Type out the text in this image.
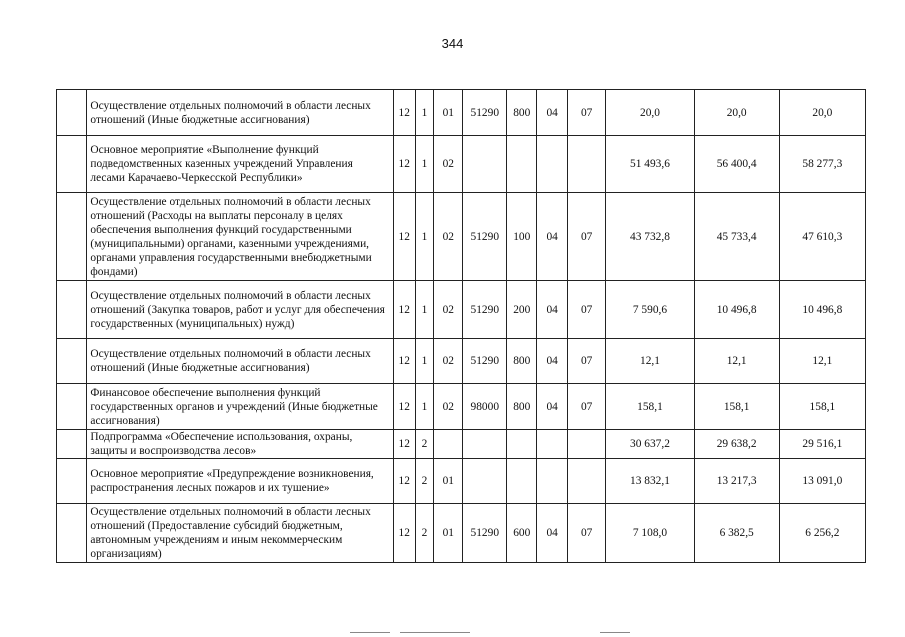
344
	Осуществление отдельных полномочий в области лесных отношений (Иные бюджетные ассигнования)	12	1	01	51290	800	04	07	20,0	20,0	20,0
	Основное мероприятие «Выполнение функций подведомственных казенных учреждений Управления лесами Карачаево-Черкесской Республики»	12	1	02					51 493,6	56 400,4	58 277,3
	Осуществление отдельных полномочий в области лесных отношений (Расходы на выплаты персоналу в целях обеспечения выполнения функций государственными (муниципальными) органами, казенными учреждениями, органами управления государственными внебюджетными фондами)	12	1	02	51290	100	04	07	43 732,8	45 733,4	47 610,3
	Осуществление отдельных полномочий в области лесных отношений (Закупка товаров, работ и услуг для обеспечения государственных (муниципальных) нужд)	12	1	02	51290	200	04	07	7 590,6	10 496,8	10 496,8
	Осуществление отдельных полномочий в области лесных отношений (Иные бюджетные ассигнования)	12	1	02	51290	800	04	07	12,1	12,1	12,1
	Финансовое обеспечение выполнения функций государственных органов и учреждений (Иные бюджетные ассигнования)	12	1	02	98000	800	04	07	158,1	158,1	158,1
	Подпрограмма «Обеспечение использования, охраны, защиты и воспроизводства лесов»	12	2						30 637,2	29 638,2	29 516,1
	Основное мероприятие «Предупреждение возникновения, распространения лесных пожаров и их тушение»	12	2	01					13 832,1	13 217,3	13 091,0
	Осуществление отдельных полномочий в области лесных отношений (Предоставление субсидий бюджетным, автономным учреждениям и иным некоммерческим организациям)	12	2	01	51290	600	04	07	7 108,0	6 382,5	6 256,2
